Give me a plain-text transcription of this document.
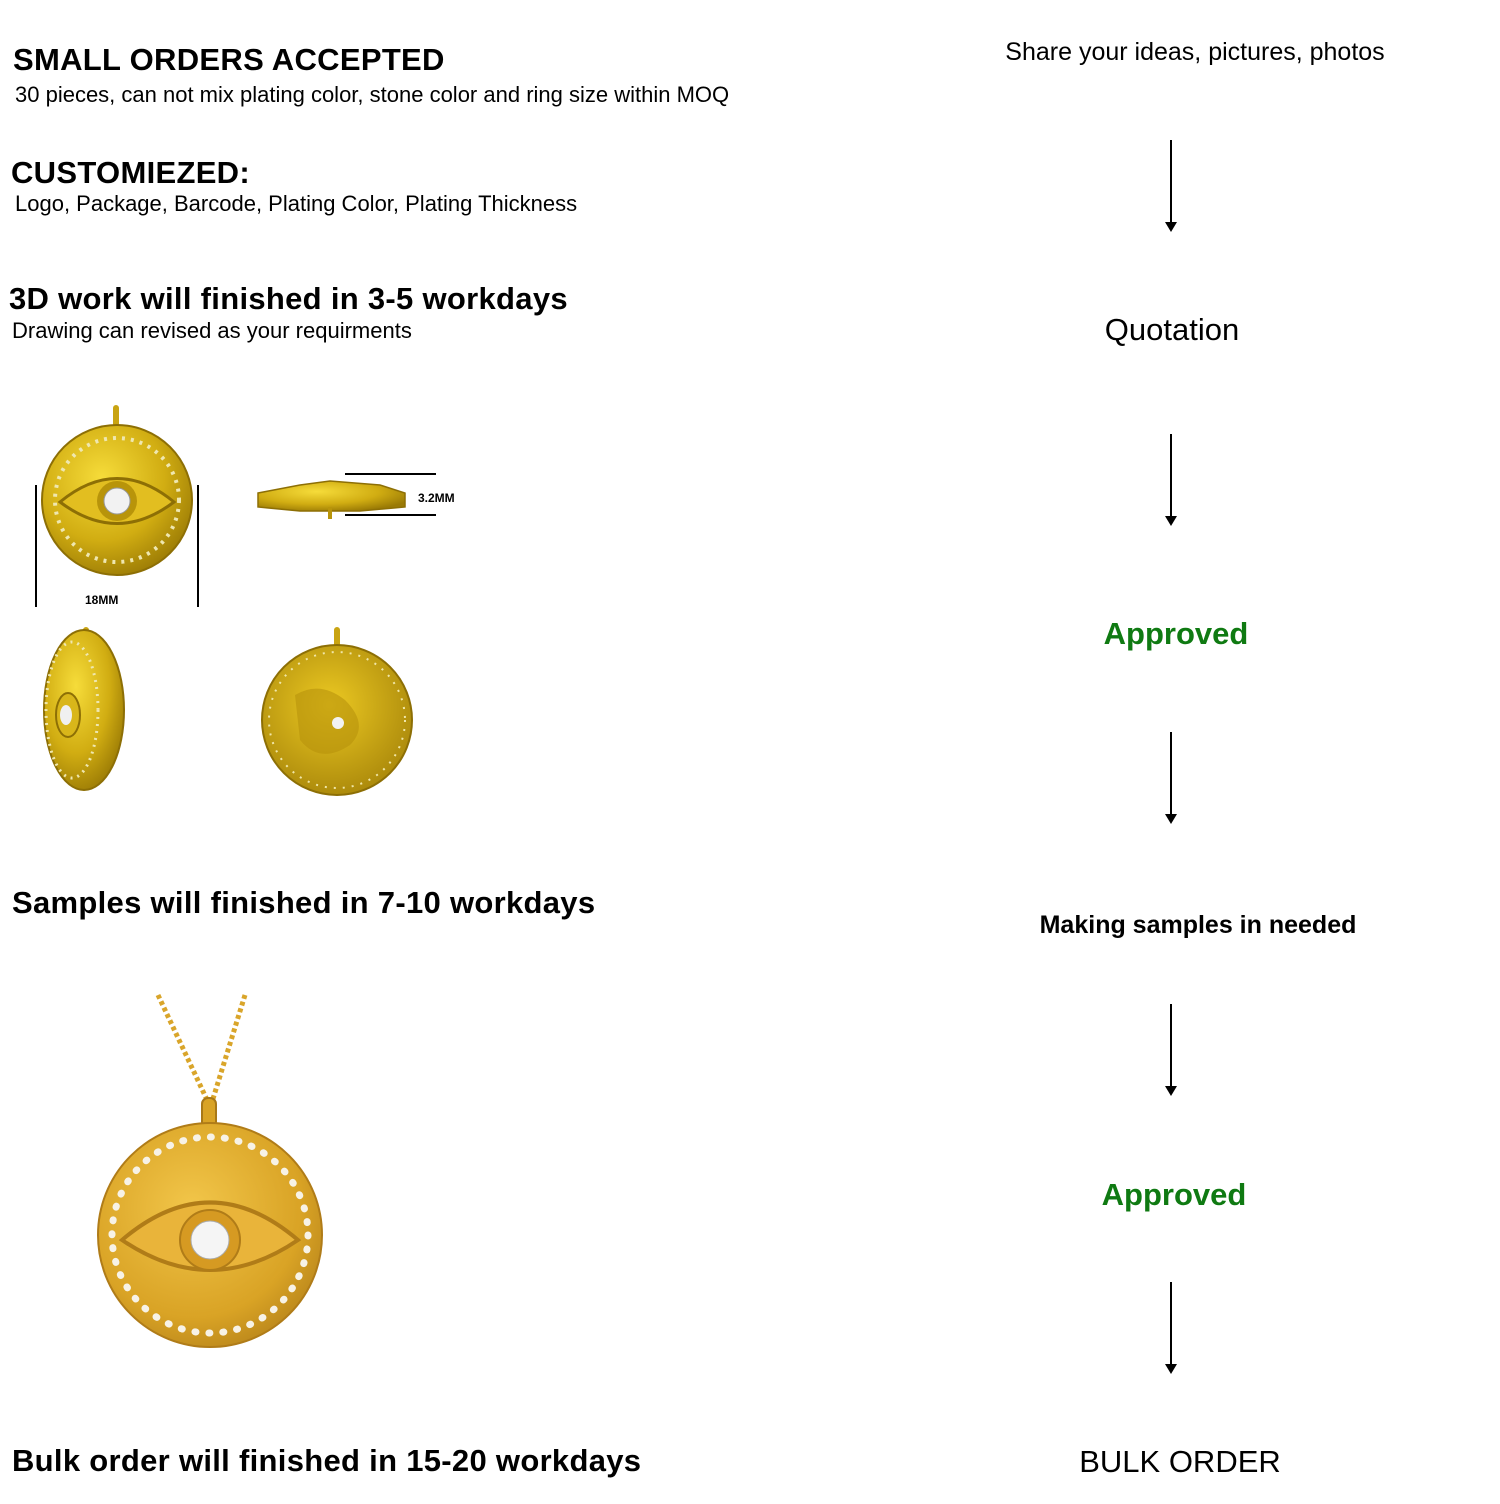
SMALL ORDERS ACCEPTED
30 pieces, can not mix plating color, stone color and ring size within MOQ
CUSTOMIEZED:
Logo, Package, Barcode, Plating Color, Plating Thickness
3D work will finished in 3-5 workdays
Drawing can revised as your requirments
18MM
3.2MM
Samples will finished in 7-10 workdays
Bulk order will finished in 15-20 workdays
Share your ideas, pictures, photos
Quotation
Approved
Making samples in needed
Approved
BULK ORDER
